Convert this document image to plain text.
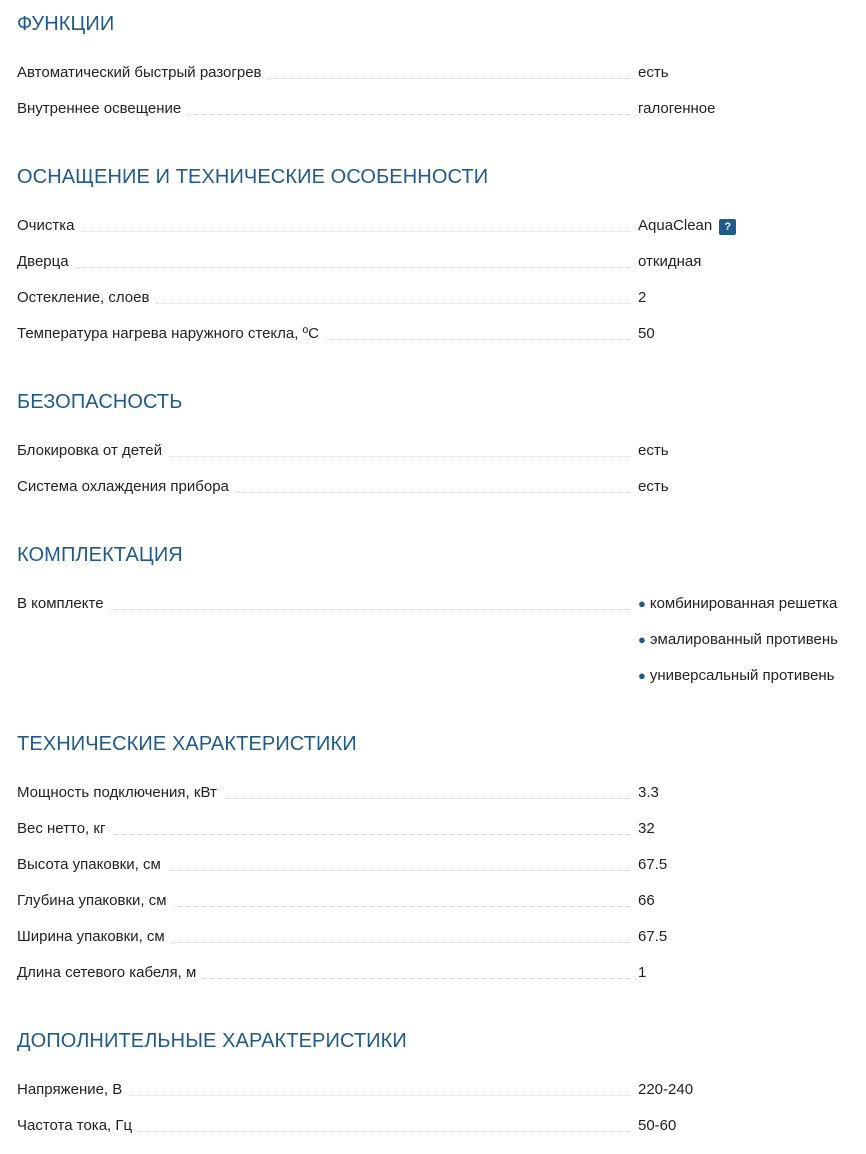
ФУНКЦИИ
Автоматический быстрый разогрев	есть
Внутреннее освещение	галогенное
ОСНАЩЕНИЕ И ТЕХНИЧЕСКИЕ ОСОБЕННОСТИ
Очистка	AquaClean ?
Дверца	откидная
Остекление, слоев	2
Температура нагрева наружного стекла, ºС	50
БЕЗОПАСНОСТЬ
Блокировка от детей	есть
Система охлаждения прибора	есть
КОМПЛЕКТАЦИЯ
В комплекте	● комбинированная решетка
● эмалированный противень
● универсальный противень
ТЕХНИЧЕСКИЕ ХАРАКТЕРИСТИКИ
Мощность подключения, кВт	3.3
Вес нетто, кг	32
Высота упаковки, см	67.5
Глубина упаковки, см	66
Ширина упаковки, см	67.5
Длина сетевого кабеля, м	1
ДОПОЛНИТЕЛЬНЫЕ ХАРАКТЕРИСТИКИ
Напряжение, В	220-240
Частота тока, Гц	50-60
